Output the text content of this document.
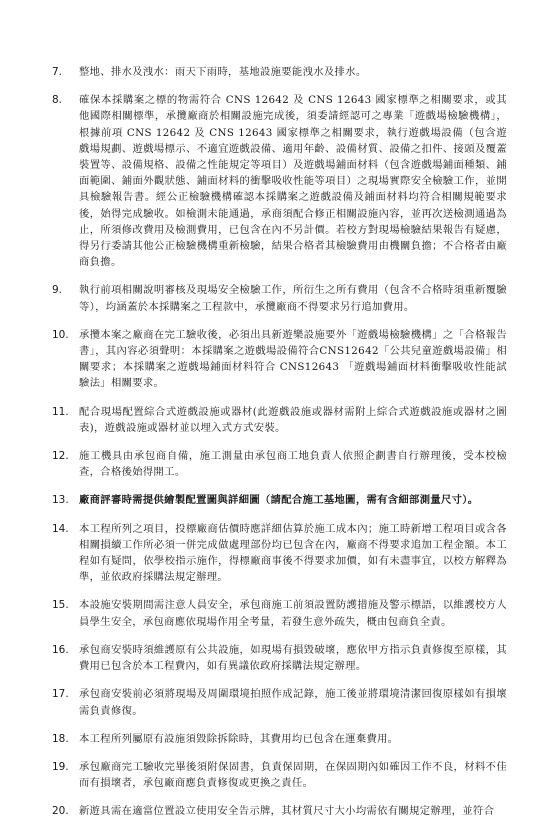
7.	整地、排水及洩水：雨天下雨時，基地設施要能洩水及排水。
8.	確保本採購案之標的物需符合 CNS 12642 及 CNS 12643 國家標準之相關要求，或其他國際相關標準，承攬廠商於相關設施完成後，須委請經認可之專業「遊戲場檢驗機構」，根據前項 CNS 12642 及 CNS 12643 國家標準之相關要求，執行遊戲場設備（包含遊戲場規劃、遊戲場標示、不適宜遊戲設備、適用年齡、設備材質、設備之扣件、接頭及覆蓋裝置等、設備規格、設備之性能規定等項目）及遊戲場鋪面材料（包含遊戲場鋪面種類、鋪面範圍、鋪面外觀狀態、鋪面材料的衝擊吸收性能等項目）之現場實際安全檢驗工作，並開具檢驗報告書。經公正檢驗機構確認本採購案之遊戲設備及鋪面材料均符合相關規範要求後，始得完成驗收。如檢測未能通過，承商須配合修正相關設施內容，並再次送檢測通過為止，所須修改費用及檢測費用，已包含在內不另計價。若校方對現場檢驗結果報告有疑慮，得另行委請其他公正檢驗機構重新檢驗，結果合格者其檢驗費用由機關負擔；不合格者由廠商負擔。
9.	執行前項相關說明審核及現場安全檢驗工作，所衍生之所有費用（包含不合格時須重新覆驗等），均涵蓋於本採購案之工程款中，承攬廠商不得要求另行追加費用。
10. 承攬本案之廠商在完工驗收後，必須出具新遊樂設施要外「遊戲場檢驗機構」之「合格報告書」，其內容必須聲明：本採購案之遊戲場設備符合CNS12642「公共兒童遊戲場設備」相關要求；本採購案之遊戲場鋪面材料符合 CNS12643 「遊戲場鋪面材料衝擊吸收性能試驗法」相關要求。
11. 配合現場配置綜合式遊戲設施或器材(此遊戲設施或器材需附上綜合式遊戲設施或器材之圖表)，遊戲設施或器材並以埋入式方式安裝。
12. 施工機具由承包商自備，施工測量由承包商工地負責人依照企劃書自行辦理後，受本校檢查，合格後始得開工。
13. 廠商評審時需提供繪製配置圖與詳細圖（請配合施工基地圖，需有含細部測量尺寸）。
14. 本工程所列之項目，投標廠商估價時應詳細估算於施工成本內；施工時新增工程項目或含各相關損續工作所必須一併完成做處理部份均已包含在內，廠商不得要求追加工程金額。本工程如有疑問，依學校指示施作，得標廠商事後不得要求加價，如有未盡事宜，以校方解釋為準，並依政府採購法規定辦理。
15. 本設施安裝期間需注意人員安全，承包商施工前須設置防護措施及警示標語，以維護校方人員學生安全，承包商應依現場作用全考量，若發生意外疏失，概由包商負全責。
16. 承包商安裝時須維護原有公共設施，如現場有損毀破壞，應依甲方指示負責修復至原樣，其費用已包含於本工程費內，如有異議依政府採購法規定辦理。
17. 承包商安裝前必須將現場及周圍環境拍照作成記錄，施工後並將環境清潔回復原樣如有損壞需負責修復。
18. 本工程所列屬原有設施須毀除拆除時，其費用均已包含在運棄費用。
19. 承包廠商完工驗收完畢後須附保固書，負責保固期，在保固期內如確因工作不良，材料不佳而有損壞者，承包廠商應負責修復或更換之責任。
20. 新遊具需在適當位置設立使用安全告示牌，其材質尺寸大小均需依有關規定辦理，並符合
